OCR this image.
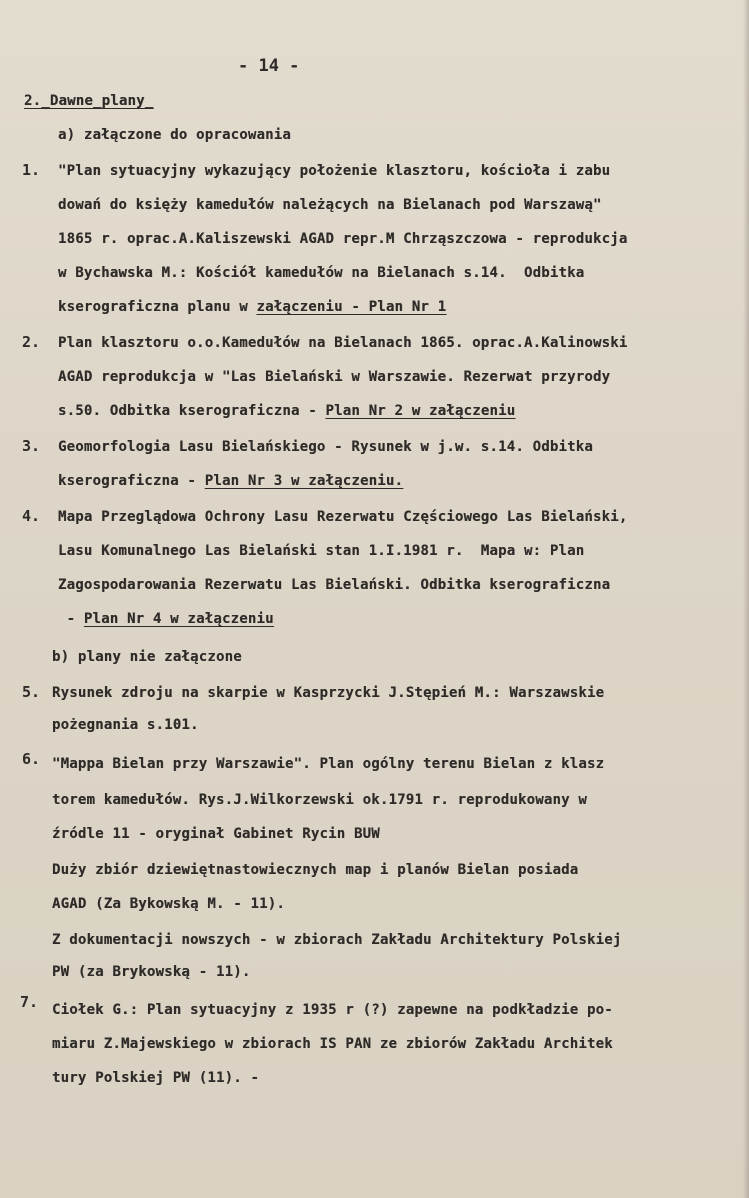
- 14 -
2._Dawne_plany_
a) załączone do opracowania
1. "Plan sytuacyjny wykazujący położenie klasztoru, kościoła i zabu
dowań do księży kamedułów należących na Bielanach pod Warszawą"
1865 r. oprac.A.Kaliszewski AGAD repr.M Chrząszczowa - reprodukcja
w Bychawska M.: Kościół kamedułów na Bielanach s.14.  Odbitka
kserograficzna planu w załączeniu - Plan Nr 1
2. Plan klasztoru o.o.Kamedułów na Bielanach 1865. oprac.A.Kalinowski
AGAD reprodukcja w "Las Bielański w Warszawie. Rezerwat przyrody
s.50. Odbitka kserograficzna - Plan Nr 2 w załączeniu
3. Geomorfologia Lasu Bielańskiego - Rysunek w j.w. s.14. Odbitka
kserograficzna - Plan Nr 3 w załączeniu.
4. Mapa Przeglądowa Ochrony Lasu Rezerwatu Częściowego Las Bielański,
Lasu Komunalnego Las Bielański stan 1.I.1981 r.  Mapa w: Plan
Zagospodarowania Rezerwatu Las Bielański. Odbitka kserograficzna
- Plan Nr 4 w załączeniu
b) plany nie załączone
5. Rysunek zdroju na skarpie w Kasprzycki J.Stępień M.: Warszawskie
pożegnania s.101.
6. "Mappa Bielan przy Warszawie". Plan ogólny terenu Bielan z klasz
torem kamedułów. Rys.J.Wilkorzewski ok.1791 r. reprodukowany w
źródle 11 - oryginał Gabinet Rycin BUW
Duży zbiór dziewiętnastowiecznych map i planów Bielan posiada
AGAD (Za Bykowską M. - 11).
Z dokumentacji nowszych - w zbiorach Zakładu Architektury Polskiej
PW (za Brykowską - 11).
7. Ciołek G.: Plan sytuacyjny z 1935 r (?) zapewne na podkładzie po-
miaru Z.Majewskiego w zbiorach IS PAN ze zbiorów Zakładu Architek
tury Polskiej PW (11). -
